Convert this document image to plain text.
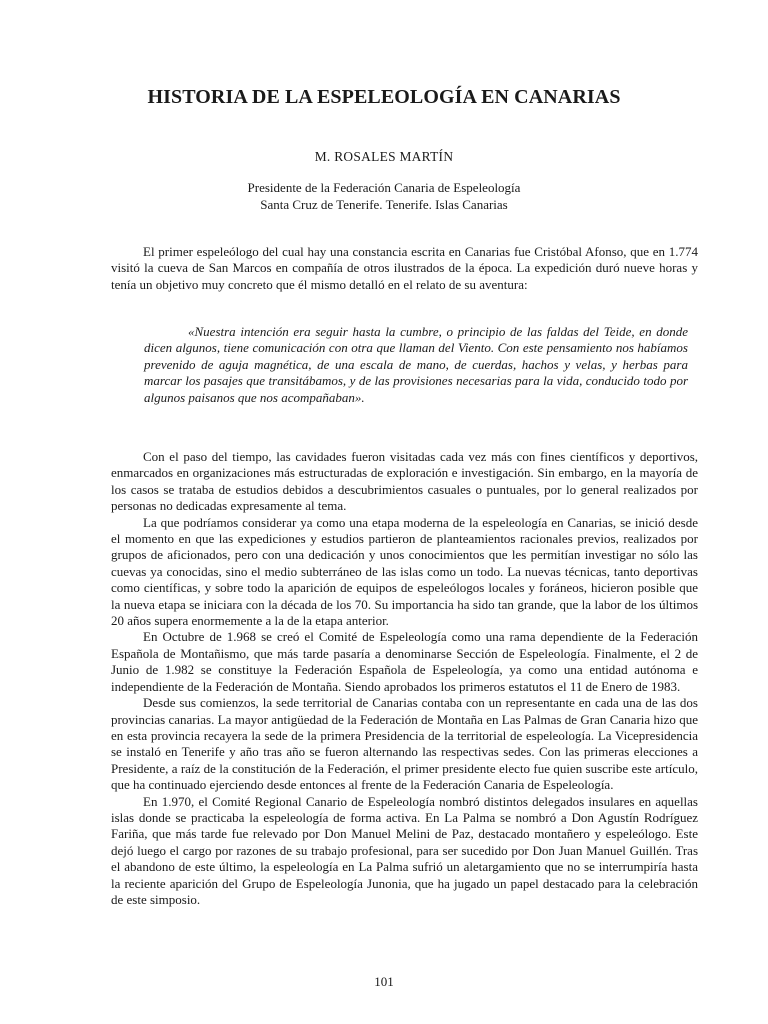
HISTORIA DE LA ESPELEOLOGÍA EN CANARIAS
M. ROSALES MARTÍN
Presidente de la Federación Canaria de Espeleología
Santa Cruz de Tenerife. Tenerife. Islas Canarias

El primer espeleólogo del cual hay una constancia escrita en Canarias fue Cristóbal Afonso, que en 1.774 visitó la cueva de San Marcos en compañía de otros ilustrados de la época. La expedición duró nueve horas y tenía un objetivo muy concreto que él mismo detalló en el relato de su aventura:

«Nuestra intención era seguir hasta la cumbre, o principio de las faldas del Teide, en donde dicen algunos, tiene comunicación con otra que llaman del Viento. Con este pensamiento nos habíamos prevenido de aguja magnética, de una escala de mano, de cuerdas, hachos y velas, y herbas para marcar los pasajes que transitábamos, y de las provisiones necesarias para la vida, conducido todo por algunos paisanos que nos acompañaban».

Con el paso del tiempo, las cavidades fueron visitadas cada vez más con fines científicos y deportivos, enmarcados en organizaciones más estructuradas de exploración e investigación. Sin embargo, en la mayoría de los casos se trataba de estudios debidos a descubrimientos casuales o puntuales, por lo general realizados por personas no dedicadas expresamente al tema.

La que podríamos considerar ya como una etapa moderna de la espeleología en Canarias, se inició desde el momento en que las expediciones y estudios partieron de planteamientos racionales previos, realizados por grupos de aficionados, pero con una dedicación y unos conocimientos que les permitían investigar no sólo las cuevas ya conocidas, sino el medio subterráneo de las islas como un todo. La nuevas técnicas, tanto deportivas como científicas, y sobre todo la aparición de equipos de espeleólogos locales y foráneos, hicieron posible que la nueva etapa se iniciara con la década de los 70. Su importancia ha sido tan grande, que la labor de los últimos 20 años supera enormemente a la de la etapa anterior.

En Octubre de 1.968 se creó el Comité de Espeleología como una rama dependiente de la Federación Española de Montañismo, que más tarde pasaría a denominarse Sección de Espeleología. Finalmente, el 2 de Junio de 1.982 se constituye la Federación Española de Espeleología, ya como una entidad autónoma e independiente de la Federación de Montaña. Siendo aprobados los primeros estatutos el 11 de Enero de 1983.

Desde sus comienzos, la sede territorial de Canarias contaba con un representante en cada una de las dos provincias canarias. La mayor antigüedad de la Federación de Montaña en Las Palmas de Gran Canaria hizo que en esta provincia recayera la sede de la primera Presidencia de la territorial de espeleología. La Vicepresidencia se instaló en Tenerife y año tras año se fueron alternando las respectivas sedes. Con las primeras elecciones a Presidente, a raíz de la constitución de la Federación, el primer presidente electo fue quien suscribe este artículo, que ha continuado ejerciendo desde entonces al frente de la Federación Canaria de Espeleología.

En 1.970, el Comité Regional Canario de Espeleología nombró distintos delegados insulares en aquellas islas donde se practicaba la espeleología de forma activa. En La Palma se nombró a Don Agustín Rodríguez Fariña, que más tarde fue relevado por Don Manuel Melini de Paz, destacado montañero y espeleólogo. Este dejó luego el cargo por razones de su trabajo profesional, para ser sucedido por Don Juan Manuel Guillén. Tras el abandono de este último, la espeleología en La Palma sufrió un aletargamiento que no se interrumpiría hasta la reciente aparición del Grupo de Espeleología Junonia, que ha jugado un papel destacado para la celebración de este simposio.

101
